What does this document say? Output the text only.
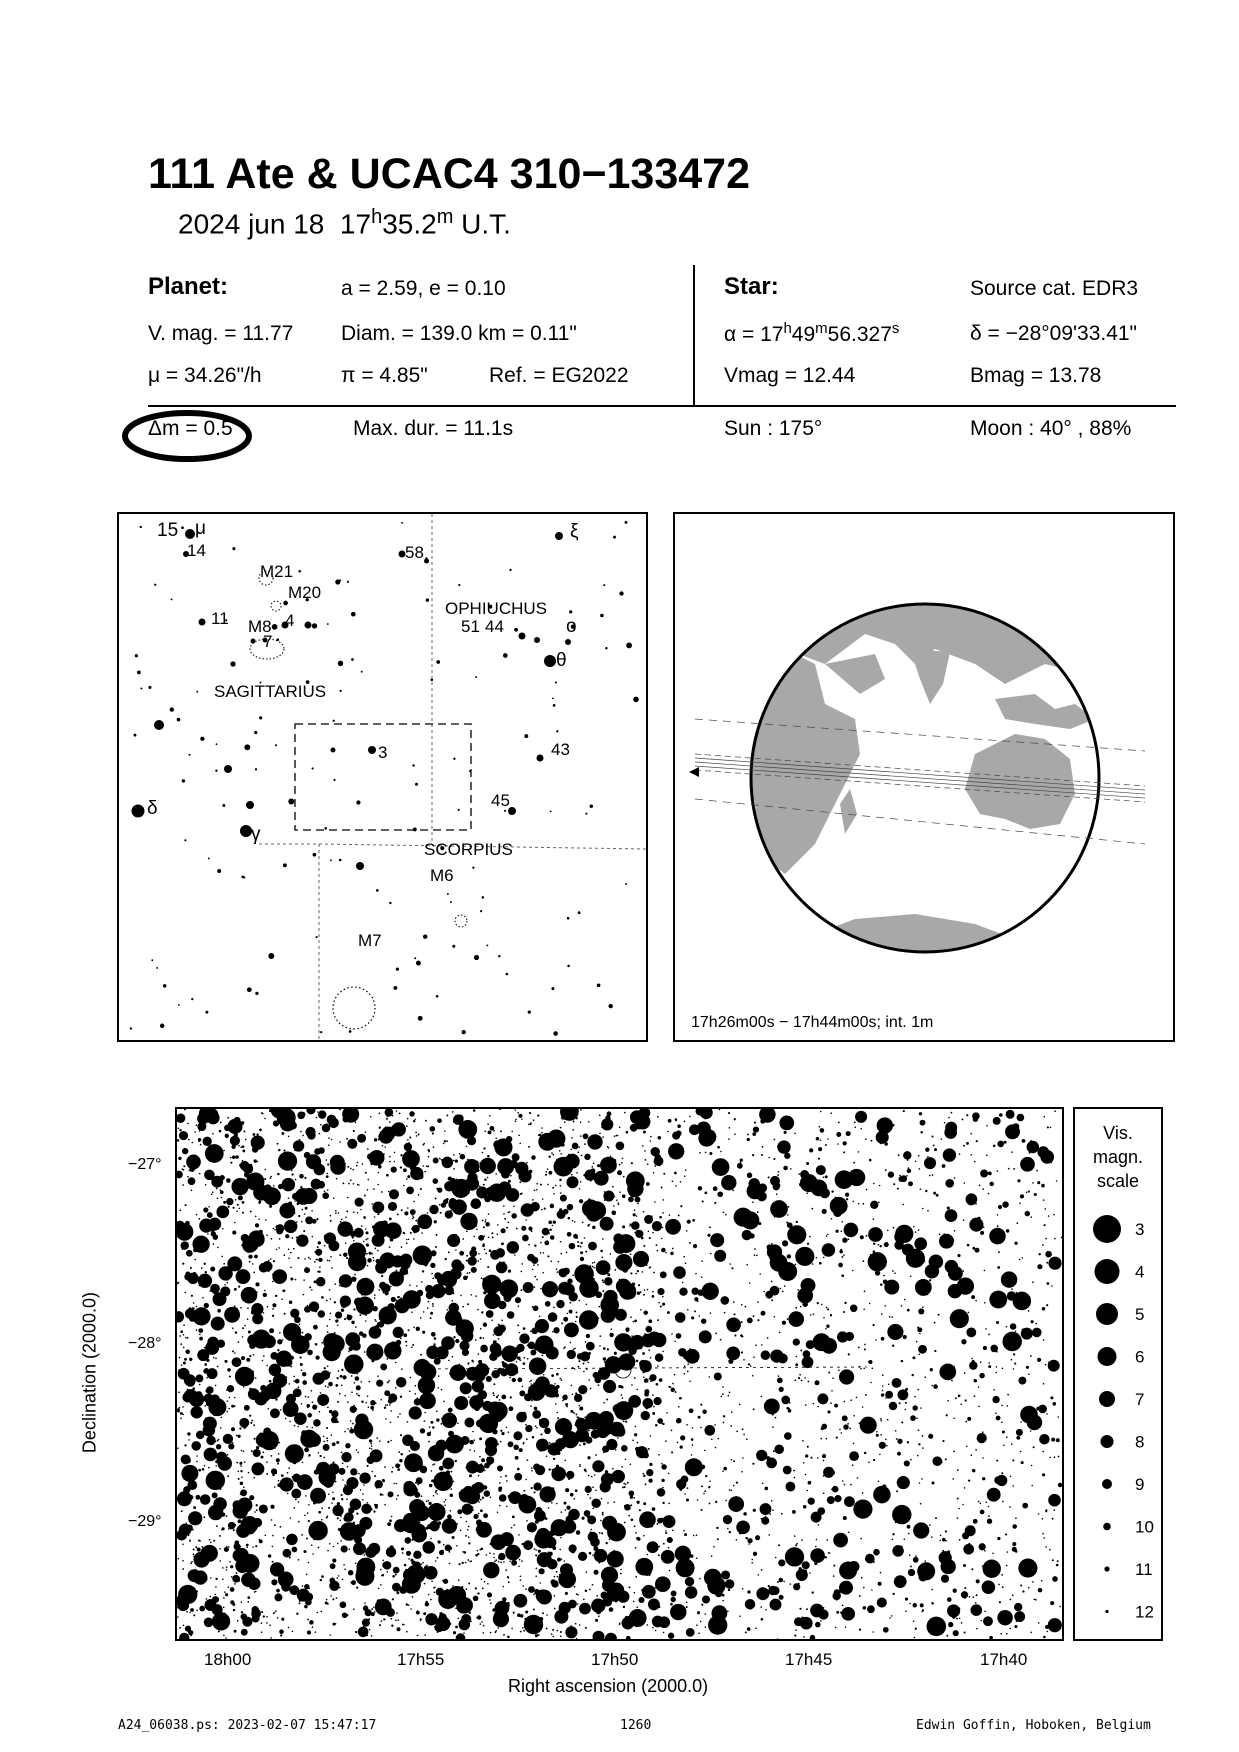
111 Ate & UCAC4 310−133472
2024 jun 18 17$^h$35.2$^m$ U.T.
Planet:	a = 2.59, e = 0.10
V. mag. = 11.77 Diam. = 139.0 km = 0.11"
μ = 34.26"/h	π = 4.85"	Ref. = EG2022
Δm = 0.5	Max. dur. = 11.1s
Star:	Source cat. EDR3
$\alpha = 17^h49^m56.327^s$	δ = −28°09'33.41"
Vmag = 12.44	Bmag = 13.78
Sun : 175°	Moon : 40° , 88%
15 μ
14
M21
M20
11 M8
7
4
58
ξ
OPHIUCHUS
51 44	o
θ
SAGITTARIUS
3	43
45
δ
γ
SCORPIUS
M6
M7
17h26m00s − 17h44m00s; int. 1m
−27°
−28°
−29°
Declination (2000.0)
18h00	17h55	17h50	17h45	17h40
Right ascension (2000.0)
Vis.
magn.
scale
3
4
5
6
7
8
9
10
11
12
A24_06038.ps: 2023-02-07 15:47:17	1260	Edwin Goffin, Hoboken, Belgium
